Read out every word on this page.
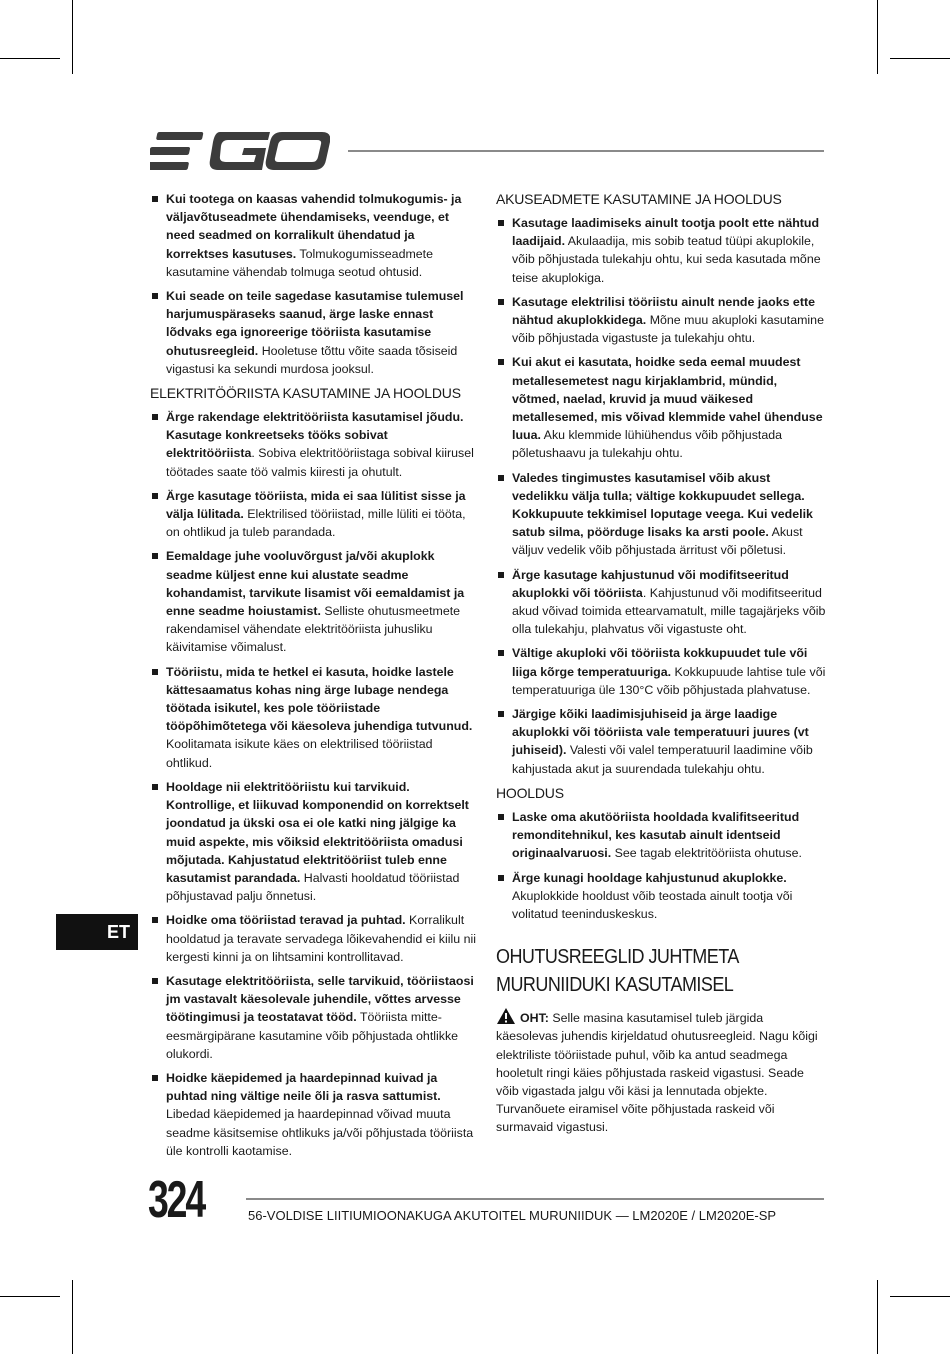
Kui tootega on kaasas vahendid tolmukogumis- ja väljavõtuseadmete ühendamiseks, veenduge, et need seadmed on korralikult ühendatud ja korrektses kasutuses. Tolmukogumisseadmete kasutamine vähendab tolmuga seotud ohtusid.
Kui seade on teile sagedase kasutamise tulemusel harjumuspäraseks saanud, ärge laske ennast lõdvaks ega ignoreerige tööriista kasutamise ohutusreegleid. Hooletuse tõttu võite saada tõsiseid vigastusi ka sekundi murdosa jooksul.
ELEKTRITÖÖRIISTA KASUTAMINE JA HOOLDUS
Ärge rakendage elektritööriista kasutamisel jõudu. Kasutage konkreetseks tööks sobivat elektritööriista. Sobiva elektritööriistaga sobival kiirusel töötades saate töö valmis kiiresti ja ohutult.
Ärge kasutage tööriista, mida ei saa lülitist sisse ja välja lülitada. Elektrilised tööriistad, mille lüliti ei tööta, on ohtlikud ja tuleb parandada.
Eemaldage juhe vooluvõrgust ja/või akuplokk seadme küljest enne kui alustate seadme kohandamist, tarvikute lisamist või eemaldamist ja enne seadme hoiustamist. Selliste ohutusmeetmete rakendamisel vähendate elektritööriista juhusliku käivitamise võimalust.
Tööriistu, mida te hetkel ei kasuta, hoidke lastele kättesaamatus kohas ning ärge lubage nendega töötada isikutel, kes pole tööriistade tööpõhimõtetega või käesoleva juhendiga tutvunud. Koolitamata isikute käes on elektrilised tööriistad ohtlikud.
Hooldage nii elektritööriistu kui tarvikuid. Kontrollige, et liikuvad komponendid on korrektselt joondatud ja ükski osa ei ole katki ning jälgige ka muid aspekte, mis võiksid elektritööriista omadusi mõjutada. Kahjustatud elektritööriist tuleb enne kasutamist parandada. Halvasti hooldatud tööriistad põhjustavad palju õnnetusi.
Hoidke oma tööriistad teravad ja puhtad. Korralikult hooldatud ja teravate servadega lõikevahendid ei kiilu nii kergesti kinni ja on lihtsamini kontrollitavad.
Kasutage elektritööriista, selle tarvikuid, tööriistaosi jm vastavalt käesolevale juhendile, võttes arvesse töötingimusi ja teostatavat tööd. Tööriista mitte-eesmärgipärane kasutamine võib põhjustada ohtlikke olukordi.
Hoidke käepidemed ja haardepinnad kuivad ja puhtad ning vältige neile õli ja rasva sattumist. Libedad käepidemed ja haardepinnad võivad muuta seadme käsitsemise ohtlikuks ja/või põhjustada tööriista üle kontrolli kaotamise.
AKUSEADMETE KASUTAMINE JA HOOLDUS
Kasutage laadimiseks ainult tootja poolt ette nähtud laadijaid. Akulaadija, mis sobib teatud tüüpi akuplokile, võib põhjustada tulekahju ohtu, kui seda kasutada mõne teise akuplokiga.
Kasutage elektrilisi tööriistu ainult nende jaoks ette nähtud akuplokkidega. Mõne muu akuploki kasutamine võib põhjustada vigastuste ja tulekahju ohtu.
Kui akut ei kasutata, hoidke seda eemal muudest metallesemetest nagu kirjaklambrid, mündid, võtmed, naelad, kruvid ja muud väikesed metallesemed, mis võivad klemmide vahel ühenduse luua. Aku klemmide lühiühendus võib põhjustada põletushaavu ja tulekahju ohtu.
Valedes tingimustes kasutamisel võib akust vedelikku välja tulla; vältige kokkupuudet sellega. Kokkupuute tekkimisel loputage veega. Kui vedelik satub silma, pöörduge lisaks ka arsti poole. Akust väljuv vedelik võib põhjustada ärritust või põletusi.
Ärge kasutage kahjustunud või modifitseeritud akuplokki või tööriista. Kahjustunud või modifitseeritud akud võivad toimida ettearvamatult, mille tagajärjeks võib olla tulekahju, plahvatus või vigastuste oht.
Vältige akuploki või tööriista kokkupuudet tule või liiga kõrge temperatuuriga. Kokkupuude lahtise tule või temperatuuriga üle 130°C võib põhjustada plahvatuse.
Järgige kõiki laadimisjuhiseid ja ärge laadige akuplokki või tööriista vale temperatuuri juures (vt juhiseid). Valesti või valel temperatuuril laadimine võib kahjustada akut ja suurendada tulekahju ohtu.
HOOLDUS
Laske oma akutööriista hooldada kvalifitseeritud remonditehnikul, kes kasutab ainult identseid originaalvaruosi. See tagab elektritööriista ohutuse.
Ärge kunagi hooldage kahjustunud akuplokke. Akuplokkide hooldust võib teostada ainult tootja või volitatud teeninduskeskus.
OHUTUSREEGLID JUHTMETA MURUNIIDUKI KASUTAMISEL

OHT: Selle masina kasutamisel tuleb järgida käesolevas juhendis kirjeldatud ohutusreegleid. Nagu kõigi elektriliste tööriistade puhul, võib ka antud seadmega hooletult ringi käies põhjustada raskeid vigastusi. Seade võib vigastada jalgu või käsi ja lennutada objekte. Turvanõuete eiramisel võite põhjustada raskeid või surmavaid vigastusi.

ET
324	56-VOLDISE LIITIUMIOONAKUGA AKUTOITEL MURUNIIDUK — LM2020E / LM2020E-SP
